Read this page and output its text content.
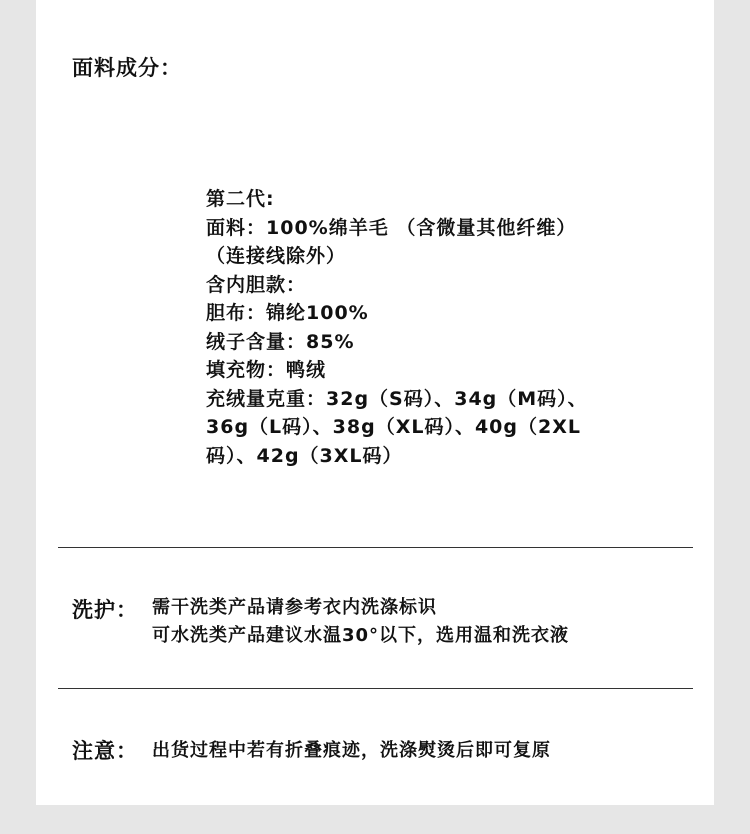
面料成分：
第二代:
面料：100%绵羊毛 （含微量其他纤维）
（连接线除外）
含内胆款：
胆布：锦纶100%
绒子含量：85%
填充物：鸭绒
充绒量克重：32g（S码）、34g（M码）、
36g（L码）、38g（XL码）、40g（2XL
码）、42g（3XL码）
洗护： 需干洗类产品请参考衣内洗涤标识
可水洗类产品建议水温30°以下，选用温和洗衣液
注意： 出货过程中若有折叠痕迹，洗涤熨烫后即可复原
